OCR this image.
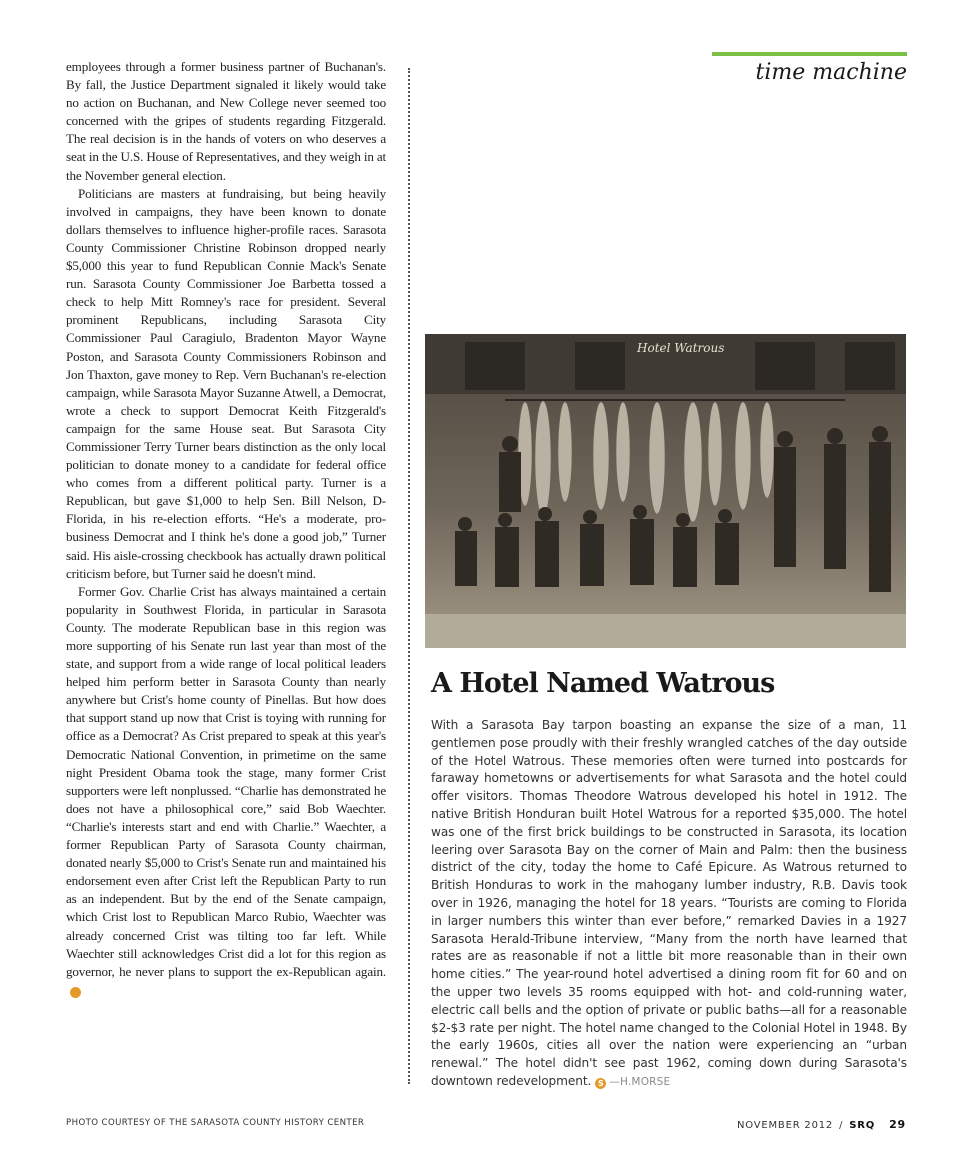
employees through a former business partner of Buchanan's. By fall, the Justice Department signaled it likely would take no action on Buchanan, and New College never seemed too concerned with the gripes of students regarding Fitzgerald. The real decision is in the hands of voters on who deserves a seat in the U.S. House of Representatives, and they weigh in at the November general election.

Politicians are masters at fundraising, but being heavily involved in campaigns, they have been known to donate dollars themselves to influence higher-profile races. Sarasota County Commissioner Christine Robinson dropped nearly $5,000 this year to fund Republican Connie Mack's Senate run. Sarasota County Commissioner Joe Barbetta tossed a check to help Mitt Romney's race for president. Several prominent Republicans, including Sarasota City Commissioner Paul Caragiulo, Bradenton Mayor Wayne Poston, and Sarasota County Commissioners Robinson and Jon Thaxton, gave money to Rep. Vern Buchanan's re-election campaign, while Sarasota Mayor Suzanne Atwell, a Democrat, wrote a check to support Democrat Keith Fitzgerald's campaign for the same House seat. But Sarasota City Commissioner Terry Turner bears distinction as the only local politician to donate money to a candidate for federal office who comes from a different political party. Turner is a Republican, but gave $1,000 to help Sen. Bill Nelson, D-Florida, in his re-election efforts. “He's a moderate, pro-business Democrat and I think he's done a good job,” Turner said. His aisle-crossing checkbook has actually drawn political criticism before, but Turner said he doesn't mind.

Former Gov. Charlie Crist has always maintained a certain popularity in Southwest Florida, in particular in Sarasota County. The moderate Republican base in this region was more supporting of his Senate run last year than most of the state, and support from a wide range of local political leaders helped him perform better in Sarasota County than nearly anywhere but Crist's home county of Pinellas. But how does that support stand up now that Crist is toying with running for office as a Democrat? As Crist prepared to speak at this year's Democratic National Convention, in primetime on the same night President Obama took the stage, many former Crist supporters were left nonplussed. “Charlie has demonstrated he does not have a philosophical core,” said Bob Waechter. “Charlie's interests start and end with Charlie.” Waechter, a former Republican Party of Sarasota County chairman, donated nearly $5,000 to Crist's Senate run and maintained his endorsement even after Crist left the Republican Party to run as an independent. But by the end of the Senate campaign, which Crist lost to Republican Marco Rubio, Waechter was already concerned Crist was tilting too far left. While Waechter still acknowledges Crist did a lot for this region as governor, he never plans to support the ex-Republican again.S

time machine
Hotel Watrous
A Hotel Named Watrous

With a Sarasota Bay tarpon boasting an expanse the size of a man, 11 gentlemen pose proudly with their freshly wrangled catches of the day outside of the Hotel Watrous. These memories often were turned into postcards for faraway hometowns or advertisements for what Sarasota and the hotel could offer visitors. Thomas Theodore Watrous developed his hotel in 1912. The native British Honduran built Hotel Watrous for a reported $35,000. The hotel was one of the first brick buildings to be constructed in Sarasota, its location leering over Sarasota Bay on the corner of Main and Palm: then the business district of the city, today the home to Café Epicure. As Watrous returned to British Honduras to work in the mahogany lumber industry, R.B. Davis took over in 1926, managing the hotel for 18 years. “Tourists are coming to Florida in larger numbers this winter than ever before,” remarked Davies in a 1927 Sarasota Herald-Tribune interview, “Many from the north have learned that rates are as reasonable if not a little bit more reasonable than in their own home cities.” The year-round hotel advertised a dining room fit for 60 and on the upper two levels 35 rooms equipped with hot- and cold-running water, electric call bells and the option of private or public baths—all for a reasonable $2-$3 rate per night. The hotel name changed to the Colonial Hotel in 1948. By the early 1960s, cities all over the nation were experiencing an “urban renewal.” The hotel didn't see past 1962, coming down during Sarasota's downtown redevelopment. S —H.MORSE

PHOTO COURTESY OF THE SARASOTA COUNTY HISTORY CENTER	NOVEMBER 2012 / SRQ 29
